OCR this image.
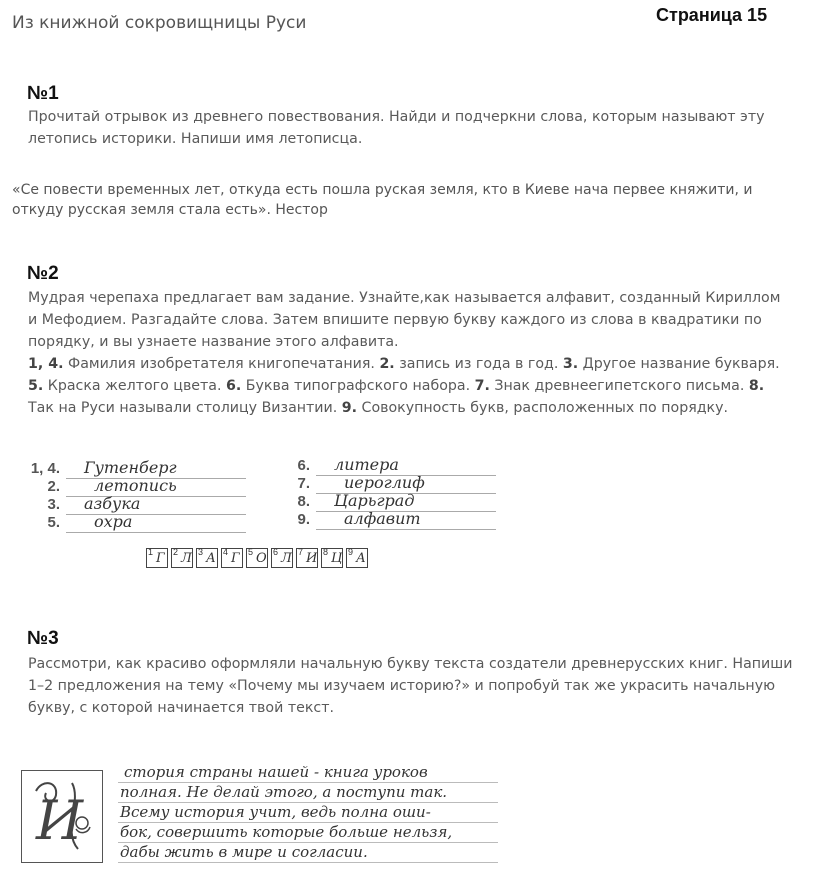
Из книжной сокровищницы Руси	Страница 15
№1
Прочитай отрывок из древнего повествования. Найди и подчеркни слова, которым называют эту летопись историки. Напиши имя летописца.
«Се повести временных лет, откуда есть пошла руская земля, кто в Киеве нача первее княжити, и откуду русская земля стала есть». Нестор
№2
Мудрая черепаха предлагает вам задание. Узнайте,как называется алфавит, созданный Кириллом и Мефодием. Разгадайте слова. Затем впишите первую букву каждого из слова в квадратики по порядку, и вы узнаете название этого алфавита.
1, 4. Фамилия изобретателя книгопечатания. 2. запись из года в год. 3. Другое название букваря. 5. Краска желтого цвета. 6. Буква типографского набора. 7. Знак древнеегипетского письма. 8. Так на Руси называли столицу Византии. 9. Совокупность букв, расположенных по порядку.
1, 4. Гутенберг
2. летопись
3. азбука
5. охра
6. литера
7. иероглиф
8. Царьград
9. алфавит
1 Г 2 Л 3 А 4 Г 5 О 6 Л 7 И 8 Ц 9 А
№3
Рассмотри, как красиво оформляли начальную букву текста создатели древнерусских книг. Напиши 1–2 предложения на тему «Почему мы изучаем историю?» и попробуй так же украсить начальную букву, с которой начинается твой текст.
И
стория страны нашей - книга уроков
полная. Не делай этого, а поступи так.
Всему история учит, ведь полна оши-
бок, совершить которые больше нельзя,
дабы жить в мире и согласии.
